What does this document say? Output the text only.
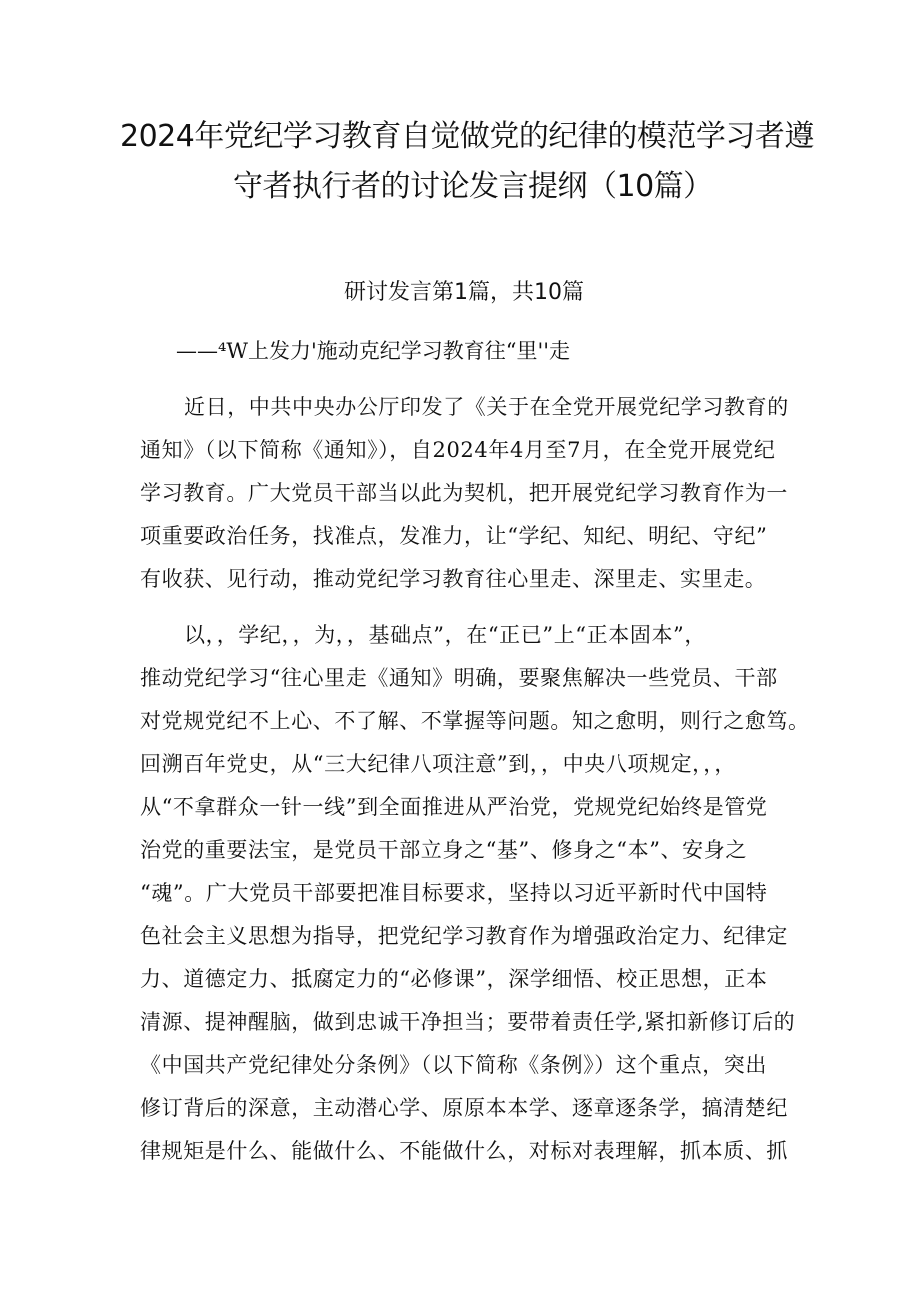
2024年党纪学习教育自觉做党的纪律的模范学习者遵
守者执行者的讨论发言提纲（10篇）
研讨发言第1篇，共10篇
——⁴W上发力'施动克纪学习教育往“里''走
近日，中共中央办公厅印发了《关于在全党开展党纪学习教育的
通知》（以下简称《通知》），自2024年4月至7月，在全党开展党纪
学习教育。广大党员干部当以此为契机，把开展党纪学习教育作为一
项重要政治任务，找准点，发准力，让“学纪、知纪、明纪、守纪”
有收获、见行动，推动党纪学习教育往心里走、深里走、实里走。
以，，学纪，，为，，基础点”，在“正已”上“正本固本”，
推动党纪学习“往心里走《通知》明确，要聚焦解决一些党员、干部
对党规党纪不上心、不了解、不掌握等问题。知之愈明，则行之愈笃。
回溯百年党史，从“三大纪律八项注意”到，，中央八项规定，，，
从“不拿群众一针一线”到全面推进从严治党，党规党纪始终是管党
治党的重要法宝，是党员干部立身之“基”、修身之“本”、安身之
“魂”。广大党员干部要把准目标要求，坚持以习近平新时代中国特
色社会主义思想为指导，把党纪学习教育作为增强政治定力、纪律定
力、道德定力、抵腐定力的“必修课”，深学细悟、校正思想，正本
清源、提神醒脑，做到忠诚干净担当；要带着责任学,紧扣新修订后的
《中国共产党纪律处分条例》（以下简称《条例》）这个重点，突出
修订背后的深意，主动潜心学、原原本本学、逐章逐条学，搞清楚纪
律规矩是什么、能做什么、不能做什么，对标对表理解，抓本质、抓
